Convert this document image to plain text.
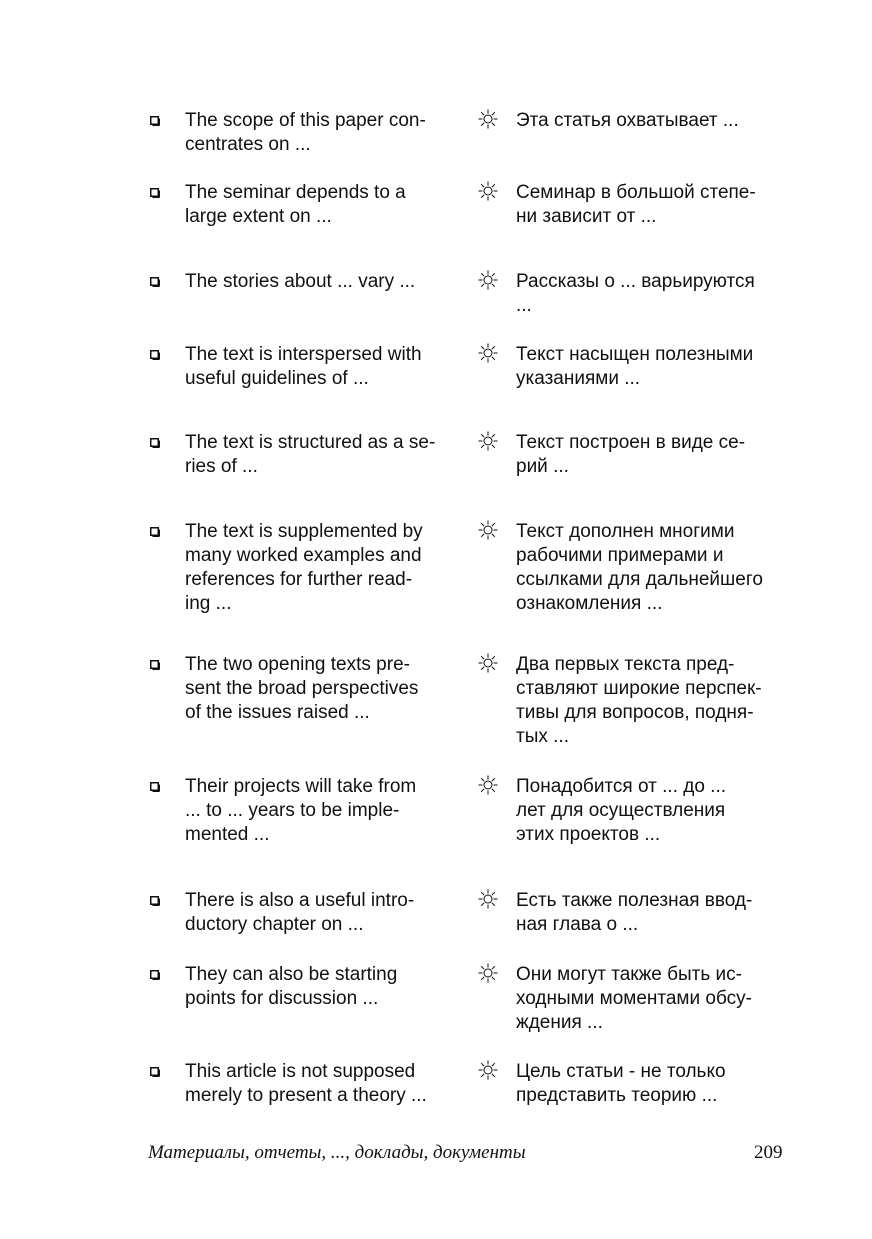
The scope of this paper con-
centrates on ...
Эта статья охватывает ...
The seminar depends to a
large extent on ...
Семинар в большой степе-
ни зависит от ...
The stories about ... vary ...	Рассказы о ... варьируются
...
The text is interspersed with
useful guidelines of ...
Текст насыщен полезными
указаниями ...
The text is structured as a se-
ries of ...
Текст построен в виде се-
рий ...
The text is supplemented by
many worked examples and
references for further read-
ing ...
Текст дополнен многими
рабочими примерами и
ссылками для дальнейшего
ознакомления ...
The two opening texts pre-
sent the broad perspectives
of the issues raised ...
Два первых текста пред-
ставляют широкие перспек-
тивы для вопросов, подня-
тых ...
Their projects will take from
... to ... years to be imple-
mented ...
Понадобится от ... до ...
лет для осуществления
этих проектов ...
There is also a useful intro-
ductory chapter on ...
Есть также полезная ввод-
ная глава о ...
They can also be starting
points for discussion ...
Они могут также быть ис-
ходными моментами обсу-
ждения ...
This article is not supposed
merely to present a theory ...
Цель статьи - не только
представить теорию ...
Материалы, отчеты, ..., доклады, документы	209
